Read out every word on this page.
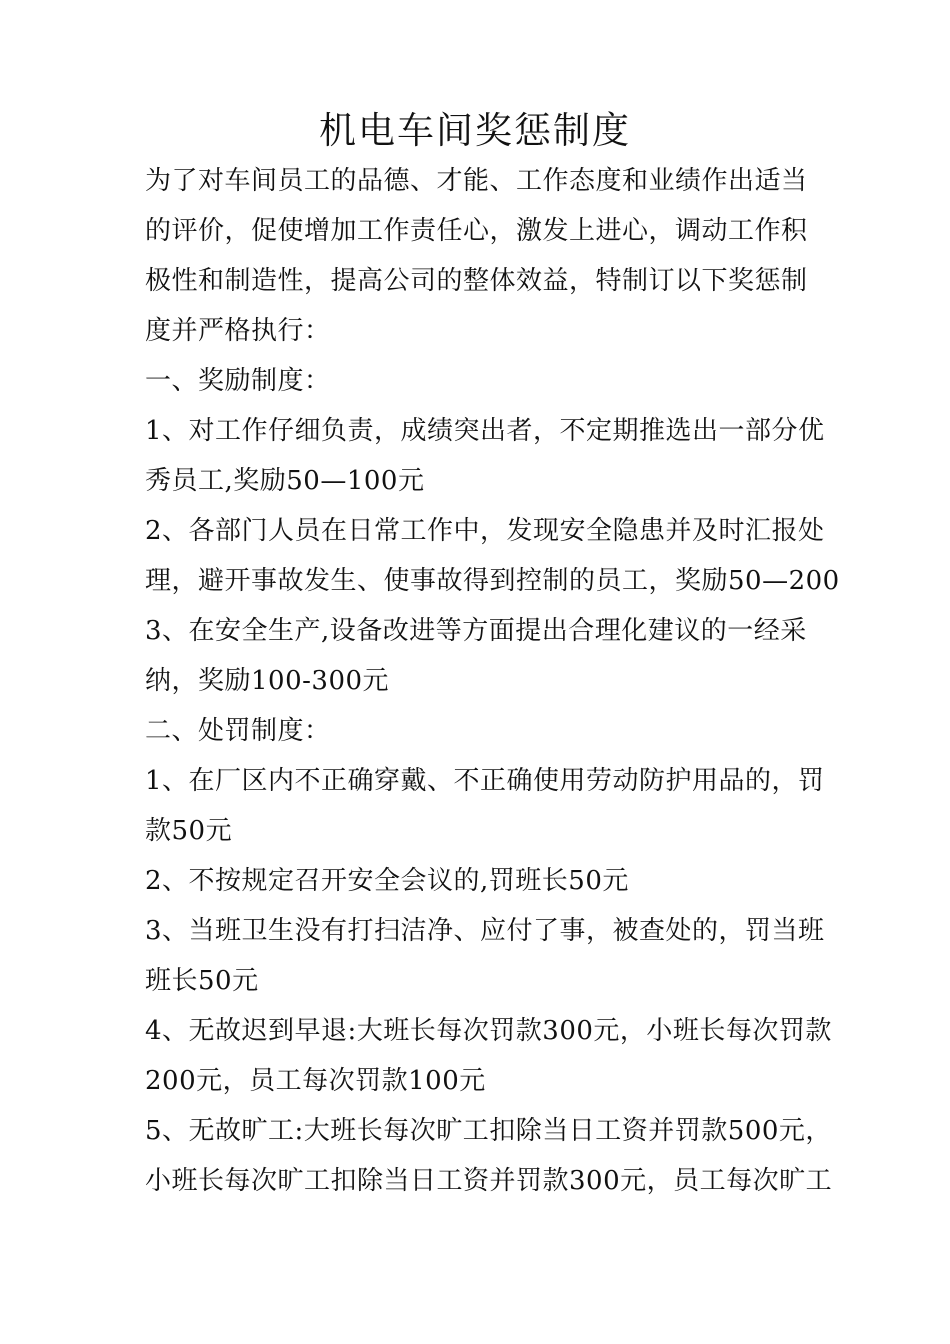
机电车间奖惩制度
为了对车间员工的品德、才能、工作态度和业绩作出适当
的评价，促使增加工作责任心，激发上进心，调动工作积
极性和制造性，提高公司的整体效益，特制订以下奖惩制
度并严格执行：
一、奖励制度：
1、对工作仔细负责，成绩突出者，不定期推选出一部分优
秀员工,奖励50—100元
2、各部门人员在日常工作中，发现安全隐患并及时汇报处
理，避开事故发生、使事故得到控制的员工，奖励50—200
3、在安全生产,设备改进等方面提出合理化建议的一经采
纳，奖励100-300元
二、处罚制度：
1、在厂区内不正确穿戴、不正确使用劳动防护用品的，罚
款50元
2、不按规定召开安全会议的,罚班长50元
3、当班卫生没有打扫洁净、应付了事，被查处的，罚当班
班长50元
4、无故迟到早退:大班长每次罚款300元，小班长每次罚款
200元，员工每次罚款100元
5、无故旷工:大班长每次旷工扣除当日工资并罚款500元，
小班长每次旷工扣除当日工资并罚款300元，员工每次旷工
